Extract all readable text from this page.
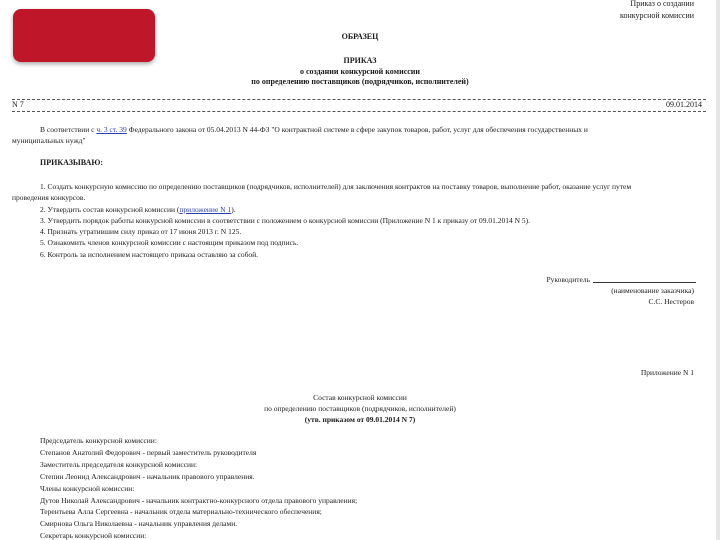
Приказ о создании
конкурсной комиссии
ОБРАЗЕЦ
ПРИКАЗ
о создании конкурсной комиссии
по определению поставщиков (подрядчиков, исполнителей)
N 7	09.01.2014
В соответствии с ч. 3 ст. 39 Федерального закона от 05.04.2013 N 44-ФЗ "О контрактной системе в сфере закупок товаров, работ, услуг для обеспечения государственных и
муниципальных нужд"
ПРИКАЗЫВАЮ:
1. Создать конкурсную комиссию по определению поставщиков (подрядчиков, исполнителей) для заключения контрактов на поставку товаров, выполнение работ, оказание услуг путем
проведения конкурсов.
2. Утвердить состав конкурсной комиссии (приложение N 1).
3. Утвердить порядок работы конкурсной комиссии в соответствии с положением о конкурсной комиссии (Приложение N 1 к приказу от 09.01.2014 N 5).
4. Признать утратившим силу приказ от 17 июня 2013 г. N 125.
5. Ознакомить членов конкурсной комиссии с настоящим приказом под подпись.
6. Контроль за исполнением настоящего приказа оставляю за собой.
Руководитель
(наименование заказчика)
С.С. Нестеров
Приложение N 1
Состав конкурсной комиссии
по определению поставщиков (подрядчиков, исполнителей)
(утв. приказом от 09.01.2014 N 7)
Председатель конкурсной комиссии:
Степанов Анатолий Федорович - первый заместитель руководителя
Заместитель председателя конкурсной комиссии:
Степин Леонид Александрович - начальник правового управления.
Члены конкурсной комиссии:
Дутов Николай Александрович - начальник контрактно-конкурсного отдела правового управления;
Терентьева Алла Сергеевна - начальник отдела материально-технического обеспечения;
Смирнова Ольга Николаевна - начальник управления делами.
Секретарь конкурсной комиссии:
